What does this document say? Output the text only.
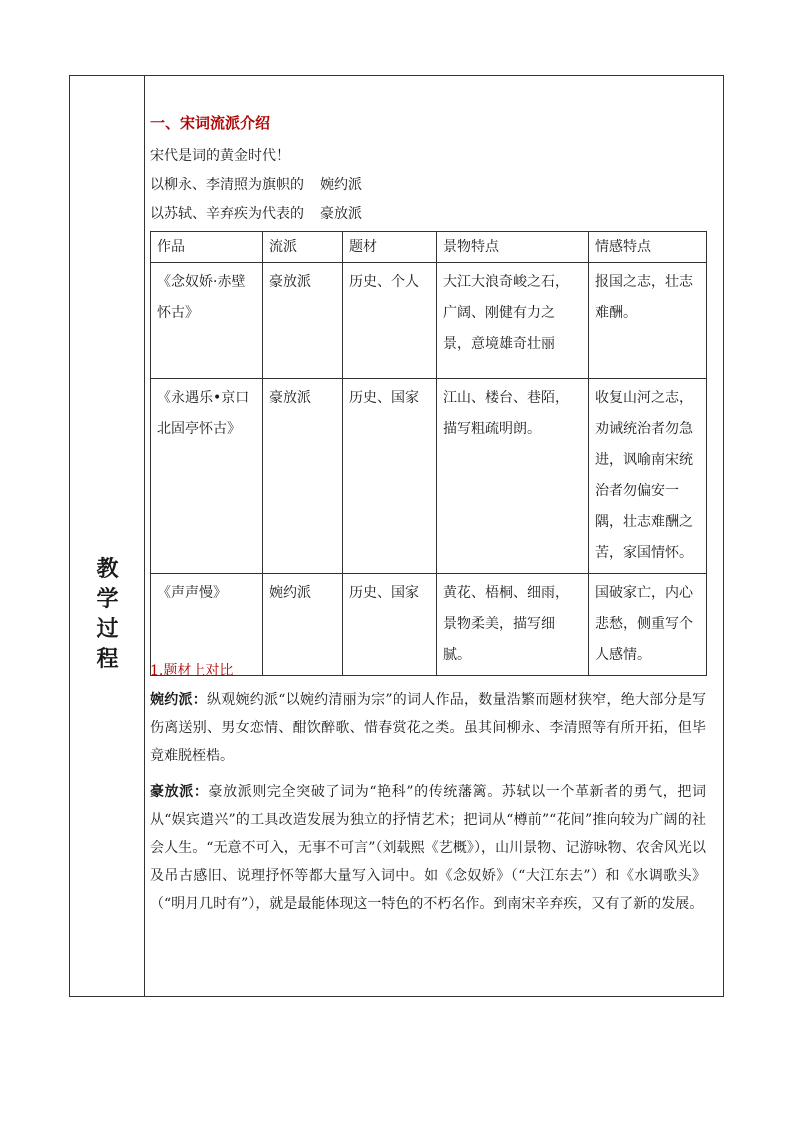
教
学
过
程
一、宋词流派介绍
宋代是词的黄金时代！
以柳永、李清照为旗帜的 婉约派
以苏轼、辛弃疾为代表的 豪放派
作品	流派	题材	景物特点	情感特点
《念奴娇·赤壁怀古》	豪放派	历史、个人	大江大浪奇峻之石，广阔、刚健有力之景，意境雄奇壮丽	报国之志，壮志难酬。
《永遇乐•京口北固亭怀古》	豪放派	历史、国家	江山、楼台、巷陌，描写粗疏明朗。	收复山河之志，劝诫统治者勿急进，讽喻南宋统治者勿偏安一隅，壮志难酬之苦，家国情怀。
《声声慢》	婉约派	历史、国家	黄花、梧桐、细雨，景物柔美，描写细腻。	国破家亡，内心悲愁，侧重写个人感情。
1.题材上对比
婉约派：纵观婉约派“以婉约清丽为宗”的词人作品，数量浩繁而题材狭窄，绝大部分是写伤离送别、男女恋情、酣饮醉歌、惜春赏花之类。虽其间柳永、李清照等有所开拓，但毕竟难脱桎梏。
豪放派：豪放派则完全突破了词为“艳科”的传统藩篱。苏轼以一个革新者的勇气，把词从“娱宾遣兴”的工具改造发展为独立的抒情艺术；把词从“樽前”“花间”推向较为广阔的社会人生。“无意不可入，无事不可言”（刘载熙《艺概》），山川景物、记游咏物、农舍风光以及吊古感旧、说理抒怀等都大量写入词中。如《念奴娇》（“大江东去”）和《水调歌头》（“明月几时有”），就是最能体现这一特色的不朽名作。到南宋辛弃疾，又有了新的发展。
